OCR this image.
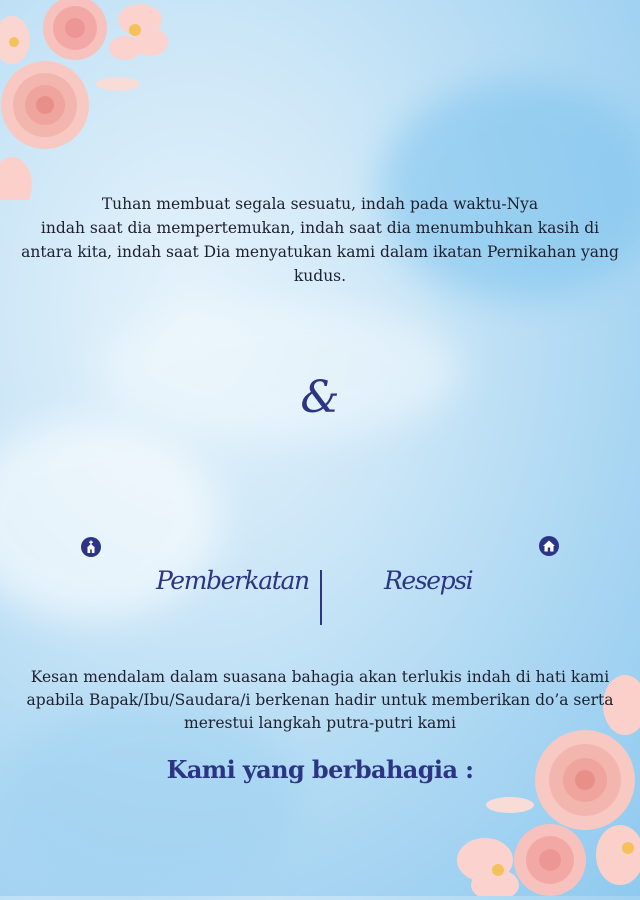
Tuhan membuat segala sesuatu, indah pada waktu-Nya
indah saat dia mempertemukan, indah saat dia menumbuhkan kasih di
antara kita, indah saat Dia menyatukan kami dalam ikatan Pernikahan yang
kudus.
&
Pemberkatan	Resepsi
Kesan mendalam dalam suasana bahagia akan terlukis indah di hati kami
apabila Bapak/Ibu/Saudara/i berkenan hadir untuk memberikan do’a serta
merestui langkah putra-putri kami
Kami yang berbahagia :
